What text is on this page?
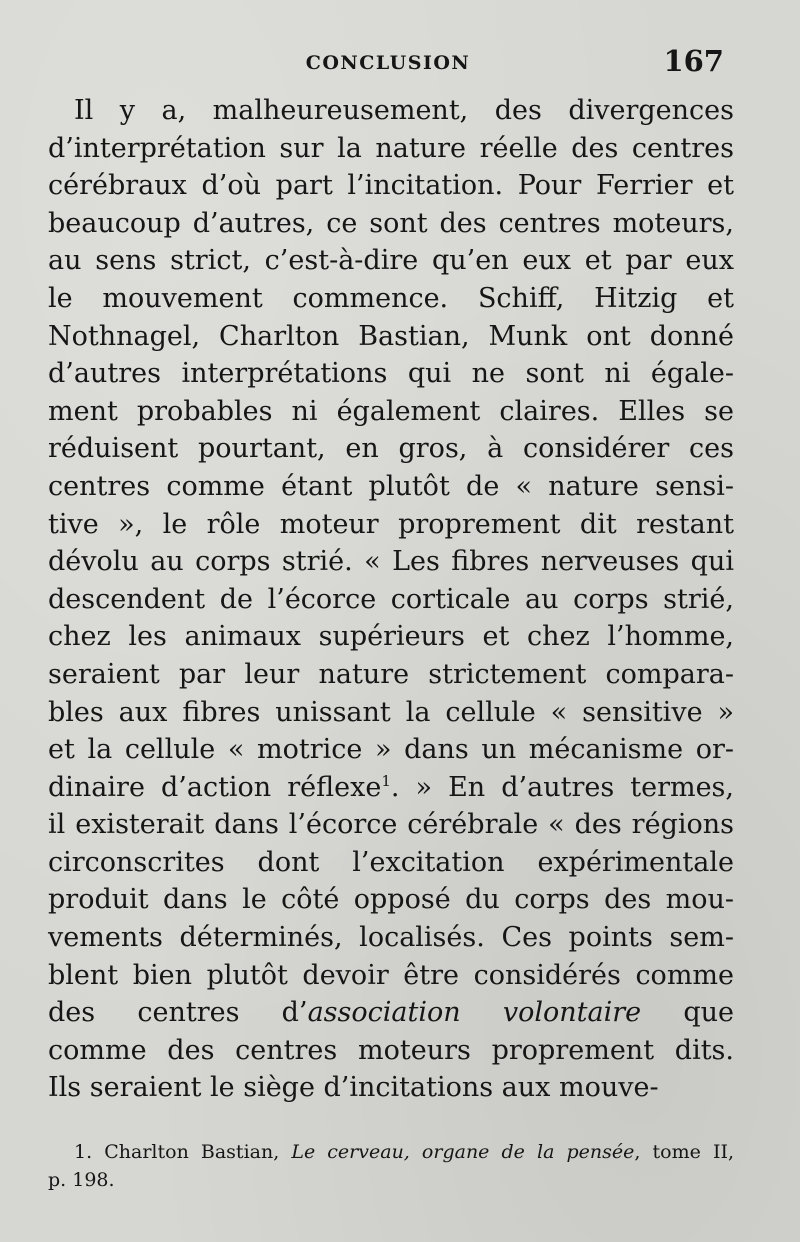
CONCLUSION	167
Il y a, malheureusement, des divergences
d’interprétation sur la nature réelle des centres
cérébraux d’où part l’incitation. Pour Ferrier et
beaucoup d’autres, ce sont des centres moteurs,
au sens strict, c’est-à-dire qu’en eux et par eux
le mouvement commence. Schiff, Hitzig et
Nothnagel, Charlton Bastian, Munk ont donné
d’autres interprétations qui ne sont ni égale-
ment probables ni également claires. Elles se
réduisent pourtant, en gros, à considérer ces
centres comme étant plutôt de « nature sensi-
tive », le rôle moteur proprement dit restant
dévolu au corps strié. « Les fibres nerveuses qui
descendent de l’écorce corticale au corps strié,
chez les animaux supérieurs et chez l’homme,
seraient par leur nature strictement compara-
bles aux fibres unissant la cellule « sensitive »
et la cellule « motrice » dans un mécanisme or-
dinaire d’action réflexe$^1$. » En d’autres termes,
il existerait dans l’écorce cérébrale « des régions
circonscrites dont l’excitation expérimentale
produit dans le côté opposé du corps des mou-
vements déterminés, localisés. Ces points sem-
blent bien plutôt devoir être considérés comme
des centres d’association volontaire que
comme des centres moteurs proprement dits.
Ils seraient le siège d’incitations aux mouve-
1. Charlton Bastian, Le cerveau, organe de la pensée, tome II,
p. 198.
